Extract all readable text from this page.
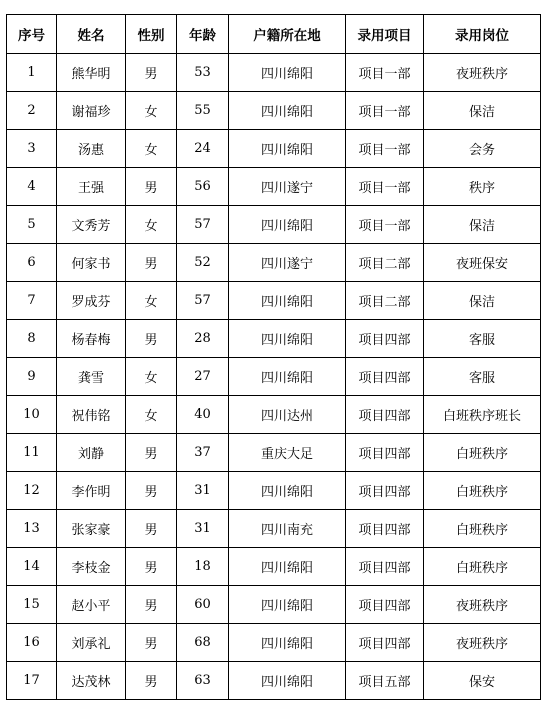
序号	姓名	性别	年龄	户籍所在地	录用项目	录用岗位
1	熊华明	男	53	四川绵阳	项目一部	夜班秩序
2	谢福珍	女	55	四川绵阳	项目一部	保洁
3	汤惠	女	24	四川绵阳	项目一部	会务
4	王强	男	56	四川遂宁	项目一部	秩序
5	文秀芳	女	57	四川绵阳	项目一部	保洁
6	何家书	男	52	四川遂宁	项目二部	夜班保安
7	罗成芬	女	57	四川绵阳	项目二部	保洁
8	杨春梅	男	28	四川绵阳	项目四部	客服
9	龚雪	女	27	四川绵阳	项目四部	客服
10	祝伟铭	女	40	四川达州	项目四部	白班秩序班长
11	刘静	男	37	重庆大足	项目四部	白班秩序
12	李作明	男	31	四川绵阳	项目四部	白班秩序
13	张家豪	男	31	四川南充	项目四部	白班秩序
14	李枝金	男	18	四川绵阳	项目四部	白班秩序
15	赵小平	男	60	四川绵阳	项目四部	夜班秩序
16	刘承礼	男	68	四川绵阳	项目四部	夜班秩序
17	达茂林	男	63	四川绵阳	项目五部	保安
